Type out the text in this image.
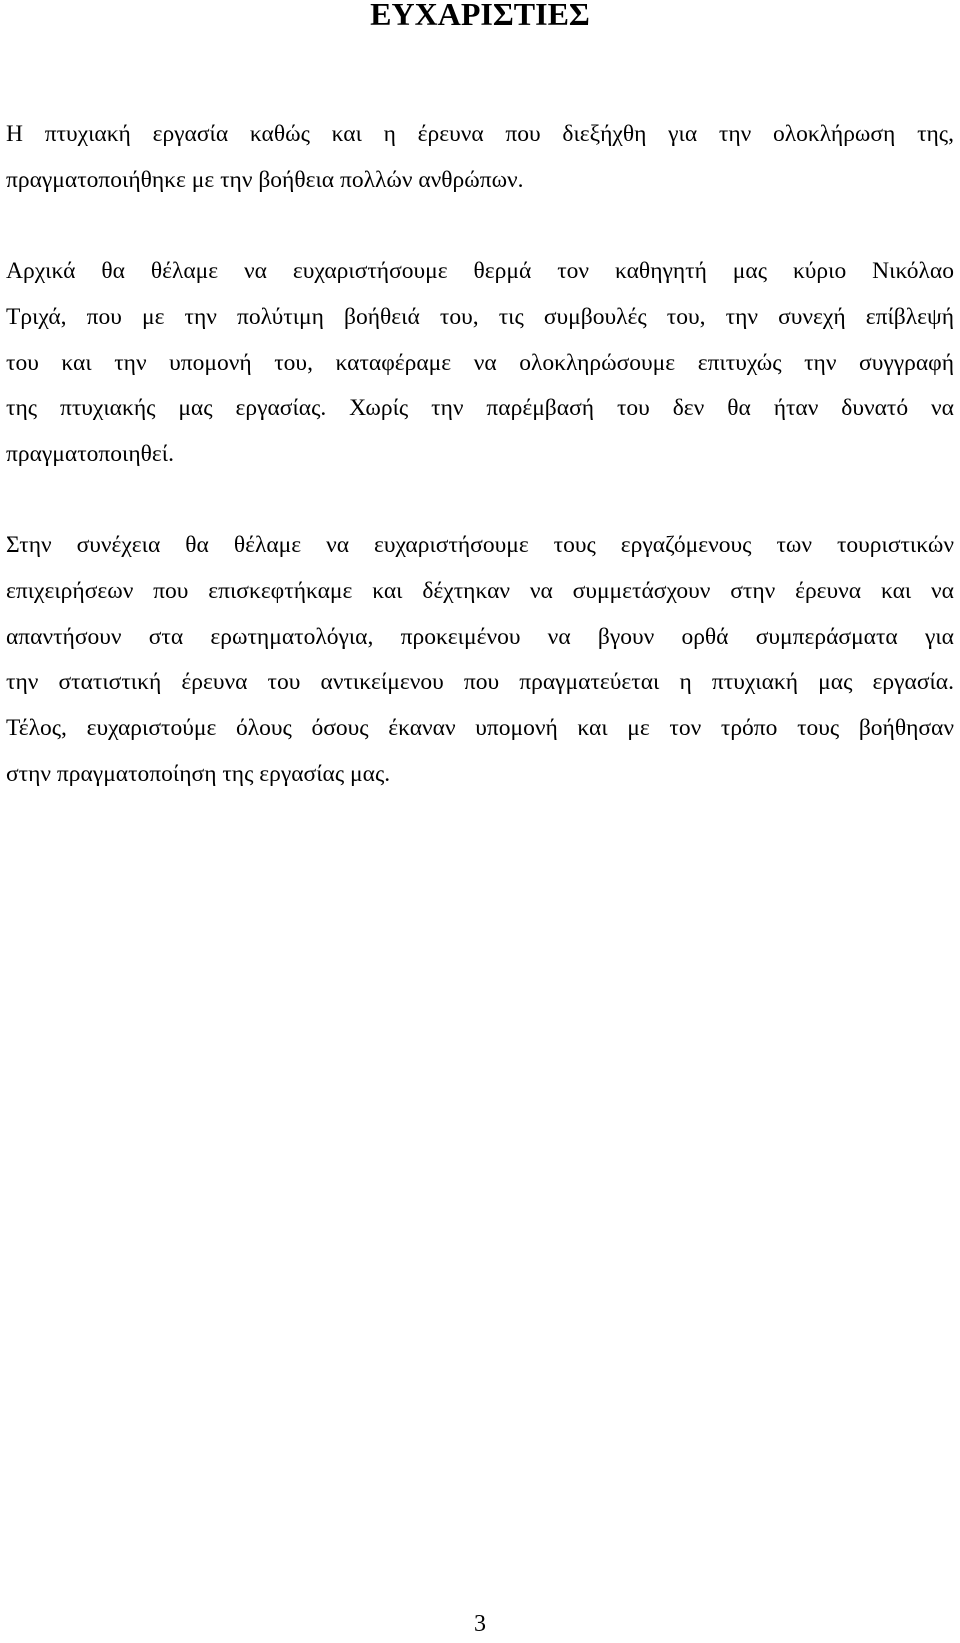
ΕΥΧΑΡΙΣΤΙΕΣ

Η πτυχιακή εργασία καθώς και η έρευνα που διεξήχθη για την ολοκλήρωση της,
πραγματοποιήθηκε με την βοήθεια πολλών ανθρώπων.

Αρχικά θα θέλαμε να ευχαριστήσουμε θερμά τον καθηγητή μας κύριο Νικόλαο
Τριχά, που με την πολύτιμη βοήθειά του, τις συμβουλές του, την συνεχή επίβλεψή
του και την υπομονή του, καταφέραμε να ολοκληρώσουμε επιτυχώς την συγγραφή
της πτυχιακής μας εργασίας. Χωρίς την παρέμβασή του δεν θα ήταν δυνατό να
πραγματοποιηθεί.

Στην συνέχεια θα θέλαμε να ευχαριστήσουμε τους εργαζόμενους των τουριστικών
επιχειρήσεων που επισκεφτήκαμε και δέχτηκαν να συμμετάσχουν στην έρευνα και να
απαντήσουν στα ερωτηματολόγια, προκειμένου να βγουν ορθά συμπεράσματα για
την στατιστική έρευνα του αντικείμενου που πραγματεύεται η πτυχιακή μας εργασία.
Τέλος, ευχαριστούμε όλους όσους έκαναν υπομονή και με τον τρόπο τους βοήθησαν
στην πραγματοποίηση της εργασίας μας.

3
